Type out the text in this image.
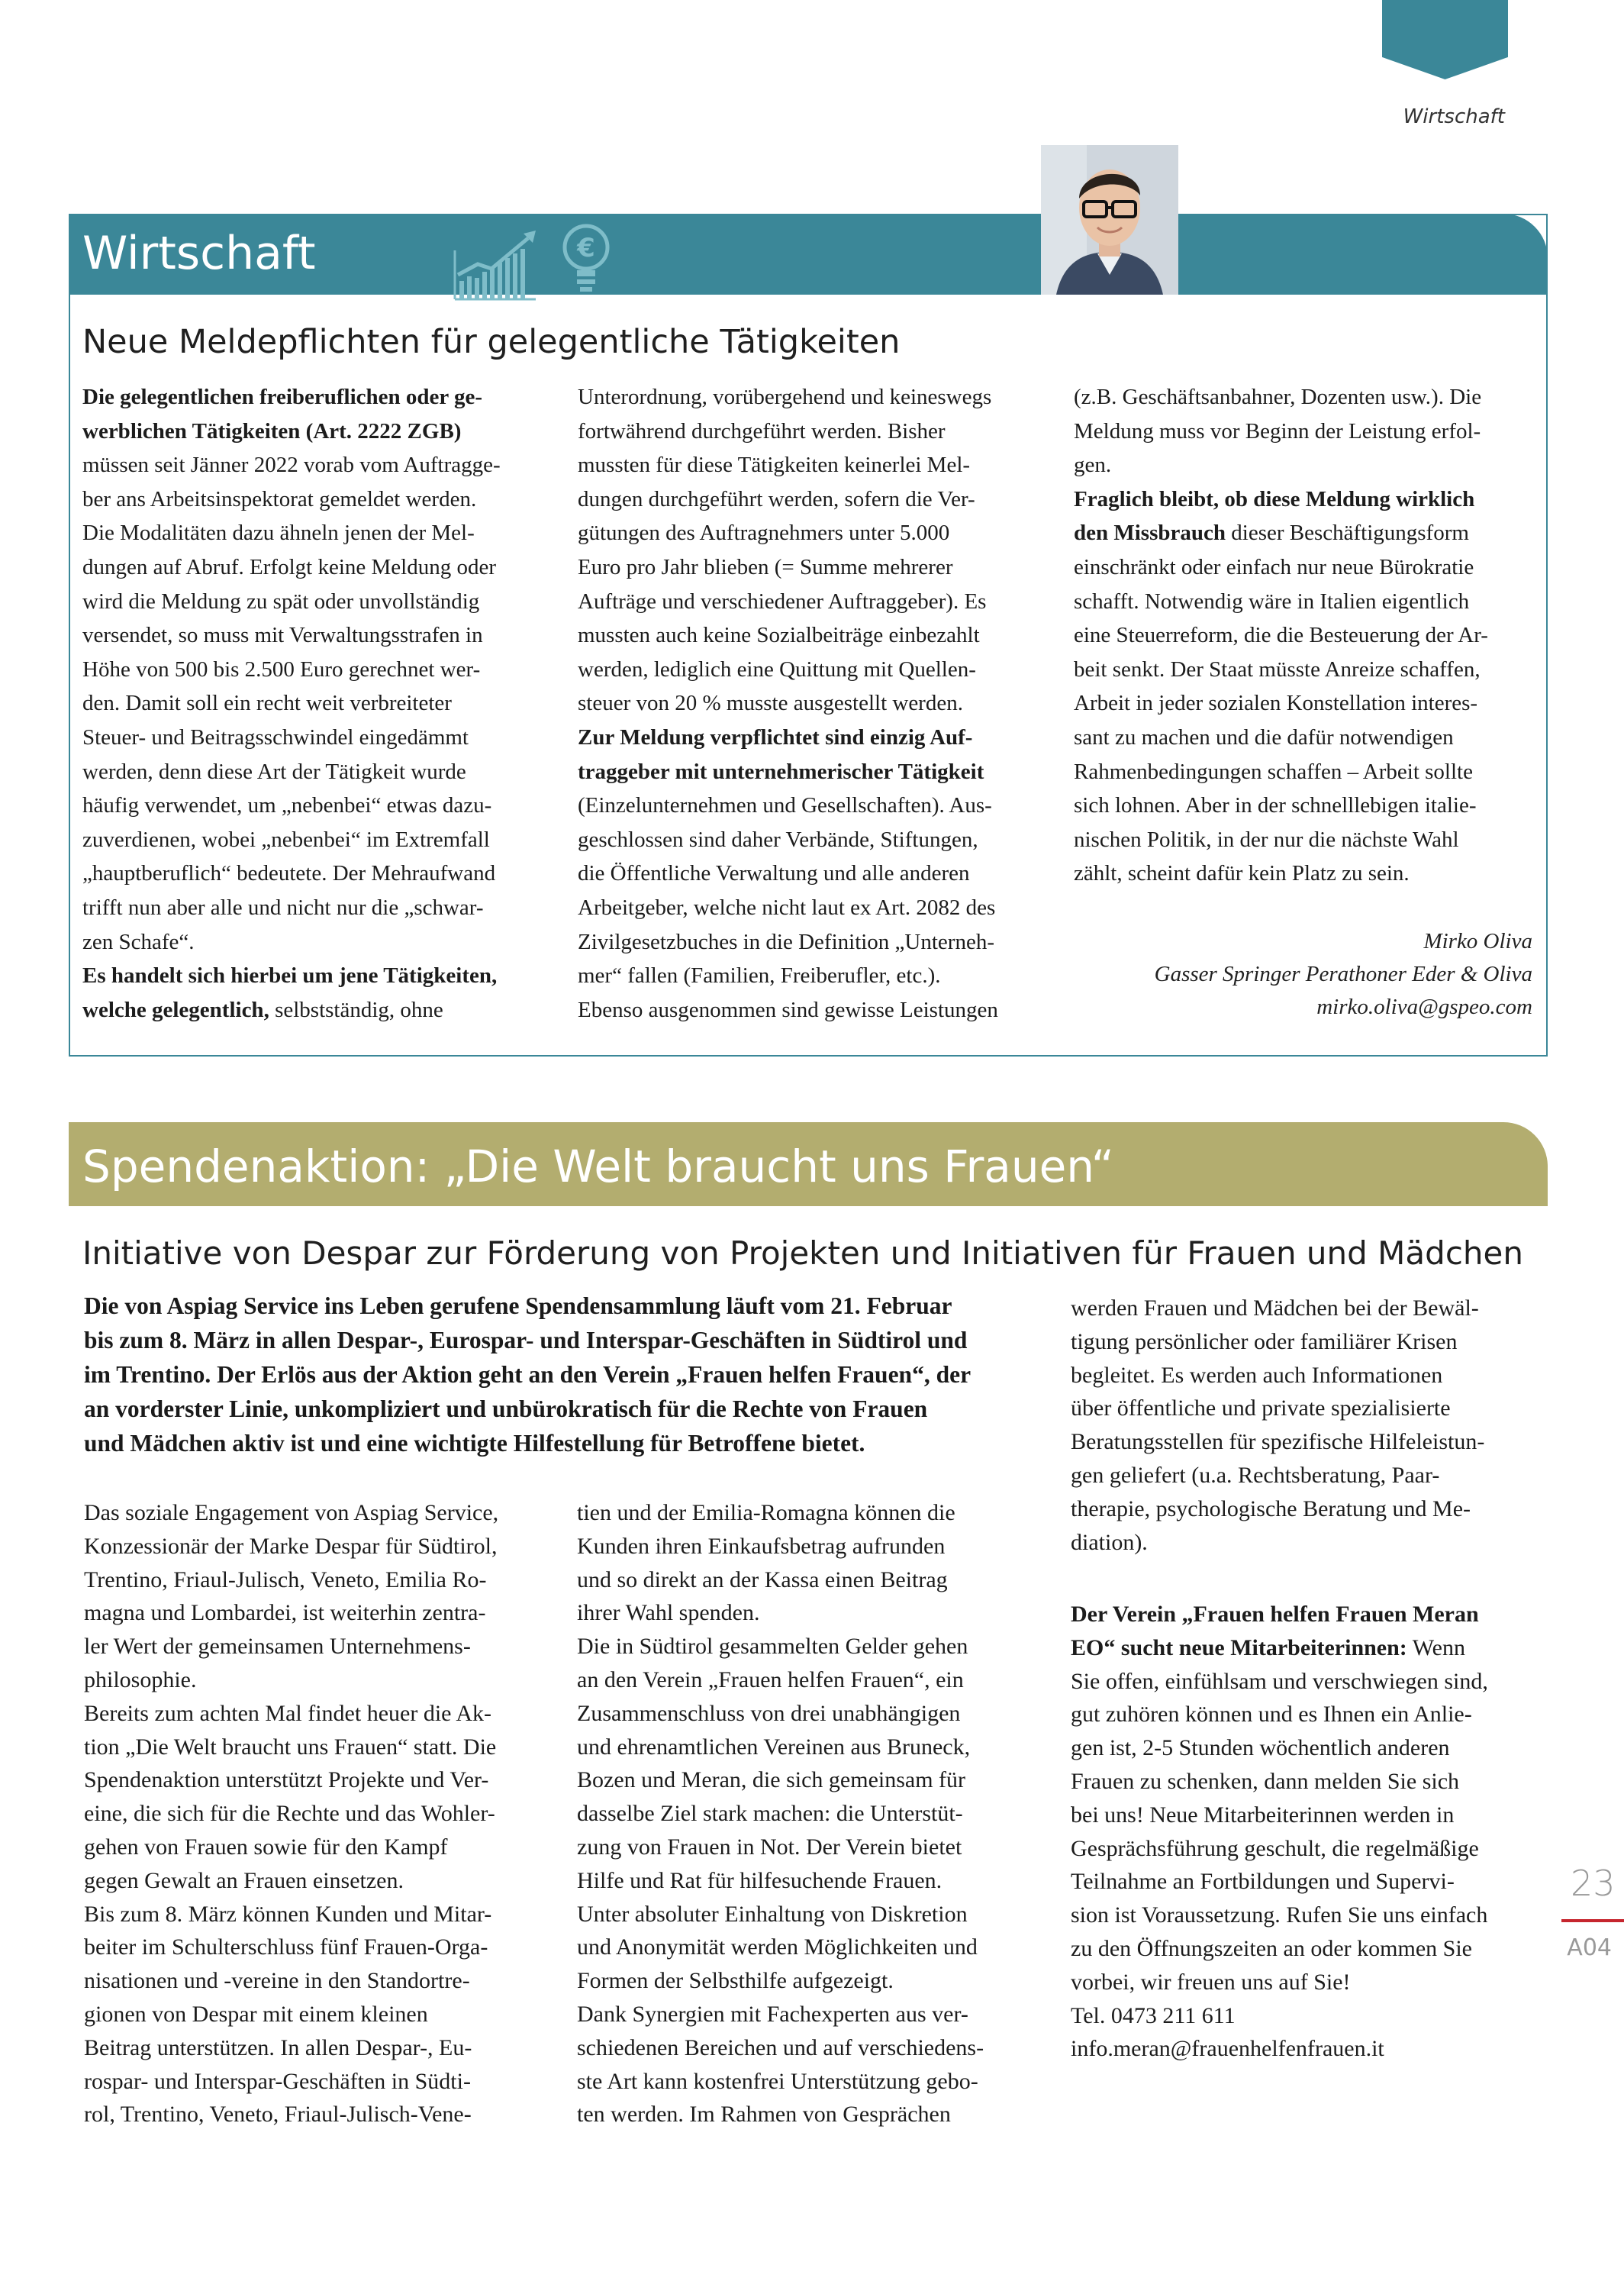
Wirtschaft
Wirtschaft	€
Neue Meldepflichten für gelegentliche Tätigkeiten

Die gelegentlichen freiberuflichen oder ge-

werblichen Tätigkeiten (Art. 2222 ZGB)

müssen seit Jänner 2022 vorab vom Auftragge-

ber ans Arbeitsinspektorat gemeldet werden.

Die Modalitäten dazu ähneln jenen der Mel-

dungen auf Abruf. Erfolgt keine Meldung oder

wird die Meldung zu spät oder unvollständig

versendet, so muss mit Verwaltungsstrafen in

Höhe von 500 bis 2.500 Euro gerechnet wer-

den. Damit soll ein recht weit verbreiteter

Steuer- und Beitragsschwindel eingedämmt

werden, denn diese Art der Tätigkeit wurde

häufig verwendet, um „nebenbei“ etwas dazu-

zuverdienen, wobei „nebenbei“ im Extremfall

„hauptberuflich“ bedeutete. Der Mehraufwand

trifft nun aber alle und nicht nur die „schwar-

zen Schafe“.

Es handelt sich hierbei um jene Tätigkeiten,

welche gelegentlich, selbstständig, ohne

Unterordnung, vorübergehend und keineswegs

fortwährend durchgeführt werden. Bisher

mussten für diese Tätigkeiten keinerlei Mel-

dungen durchgeführt werden, sofern die Ver-

gütungen des Auftragnehmers unter 5.000

Euro pro Jahr blieben (= Summe mehrerer

Aufträge und verschiedener Auftraggeber). Es

mussten auch keine Sozialbeiträge einbezahlt

werden, lediglich eine Quittung mit Quellen-

steuer von 20 % musste ausgestellt werden.

Zur Meldung verpflichtet sind einzig Auf-

traggeber mit unternehmerischer Tätigkeit

(Einzelunternehmen und Gesellschaften). Aus-

geschlossen sind daher Verbände, Stiftungen,

die Öffentliche Verwaltung und alle anderen

Arbeitgeber, welche nicht laut ex Art. 2082 des

Zivilgesetzbuches in die Definition „Unterneh-

mer“ fallen (Familien, Freiberufler, etc.).

Ebenso ausgenommen sind gewisse Leistungen

(z.B. Geschäftsanbahner, Dozenten usw.). Die

Meldung muss vor Beginn der Leistung erfol-

gen.

Fraglich bleibt, ob diese Meldung wirklich

den Missbrauch dieser Beschäftigungsform

einschränkt oder einfach nur neue Bürokratie

schafft. Notwendig wäre in Italien eigentlich

eine Steuerreform, die die Besteuerung der Ar-

beit senkt. Der Staat müsste Anreize schaffen,

Arbeit in jeder sozialen Konstellation interes-

sant zu machen und die dafür notwendigen

Rahmenbedingungen schaffen – Arbeit sollte

sich lohnen. Aber in der schnelllebigen italie-

nischen Politik, in der nur die nächste Wahl

zählt, scheint dafür kein Platz zu sein.

Mirko Oliva
Gasser Springer Perathoner Eder & Oliva
mirko.oliva@gspeo.com
Spendenaktion: „Die Welt braucht uns Frauen“
Initiative von Despar zur Förderung von Projekten und Initiativen für Frauen und Mädchen

Die von Aspiag Service ins Leben gerufene Spendensammlung läuft vom 21. Februar

bis zum 8. März in allen Despar-, Eurospar- und Interspar-Geschäften in Südtirol und

im Trentino. Der Erlös aus der Aktion geht an den Verein „Frauen helfen Frauen“, der

an vorderster Linie, unkompliziert und unbürokratisch für die Rechte von Frauen

und Mädchen aktiv ist und eine wichtigte Hilfestellung für Betroffene bietet.

Das soziale Engagement von Aspiag Service,

Konzessionär der Marke Despar für Südtirol,

Trentino, Friaul-Julisch, Veneto, Emilia Ro-

magna und Lombardei, ist weiterhin zentra-

ler Wert der gemeinsamen Unternehmens-

philosophie.

Bereits zum achten Mal findet heuer die Ak-

tion „Die Welt braucht uns Frauen“ statt. Die

Spendenaktion unterstützt Projekte und Ver-

eine, die sich für die Rechte und das Wohler-

gehen von Frauen sowie für den Kampf

gegen Gewalt an Frauen einsetzen.

Bis zum 8. März können Kunden und Mitar-

beiter im Schulterschluss fünf Frauen-Orga-

nisationen und -vereine in den Standortre-

gionen von Despar mit einem kleinen

Beitrag unterstützen. In allen Despar-, Eu-

rospar- und Interspar-Geschäften in Südti-

rol, Trentino, Veneto, Friaul-Julisch-Vene-

tien und der Emilia-Romagna können die

Kunden ihren Einkaufsbetrag aufrunden

und so direkt an der Kassa einen Beitrag

ihrer Wahl spenden.

Die in Südtirol gesammelten Gelder gehen

an den Verein „Frauen helfen Frauen“, ein

Zusammenschluss von drei unabhängigen

und ehrenamtlichen Vereinen aus Bruneck,

Bozen und Meran, die sich gemeinsam für

dasselbe Ziel stark machen: die Unterstüt-

zung von Frauen in Not. Der Verein bietet

Hilfe und Rat für hilfesuchende Frauen.

Unter absoluter Einhaltung von Diskretion

und Anonymität werden Möglichkeiten und

Formen der Selbsthilfe aufgezeigt.

Dank Synergien mit Fachexperten aus ver-

schiedenen Bereichen und auf verschiedens-

ste Art kann kostenfrei Unterstützung gebo-

ten werden. Im Rahmen von Gesprächen

werden Frauen und Mädchen bei der Bewäl-

tigung persönlicher oder familiärer Krisen

begleitet. Es werden auch Informationen

über öffentliche und private spezialisierte

Beratungsstellen für spezifische Hilfeleistun-

gen geliefert (u.a. Rechtsberatung, Paar-

therapie, psychologische Beratung und Me-

diation).

Der Verein „Frauen helfen Frauen Meran

EO“ sucht neue Mitarbeiterinnen: Wenn

Sie offen, einfühlsam und verschwiegen sind,

gut zuhören können und es Ihnen ein Anlie-

gen ist, 2-5 Stunden wöchentlich anderen

Frauen zu schenken, dann melden Sie sich

bei uns! Neue Mitarbeiterinnen werden in

Gesprächsführung geschult, die regelmäßige

Teilnahme an Fortbildungen und Supervi-

sion ist Voraussetzung. Rufen Sie uns einfach

zu den Öffnungszeiten an oder kommen Sie

vorbei, wir freuen uns auf Sie!

Tel. 0473 211 611

info.meran@frauenhelfenfrauen.it

23
A04
